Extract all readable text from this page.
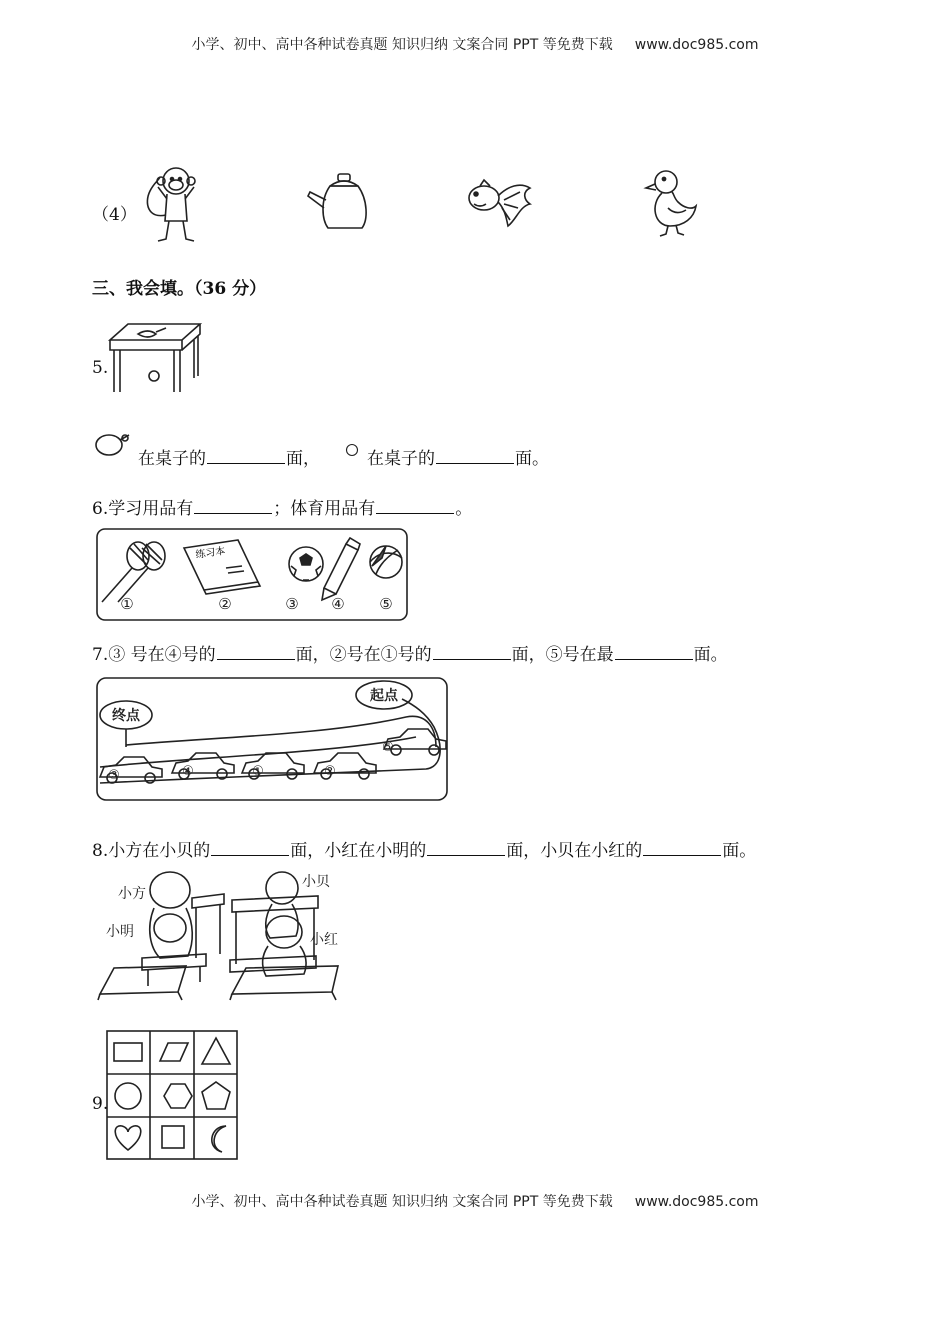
小学、初中、高中各种试卷真题 知识归纳 文案合同 PPT 等免费下载 www.doc985.com
（4）
三、我会填。（36 分）
5.
在桌子的	面，	在桌子的	面。
6.学习用品有	；体育用品有	。
①	②	③ ④ ⑤
练习本
7.③ 号在④号的	面，②号在①号的	面，⑤号在最	面。
终点
起点
③	④	①	②
⑤
8.小方在小贝的	面，小红在小明的	面，小贝在小红的	面。
小方
小贝
小明	小红
9.
小学、初中、高中各种试卷真题 知识归纳 文案合同 PPT 等免费下载 www.doc985.com
